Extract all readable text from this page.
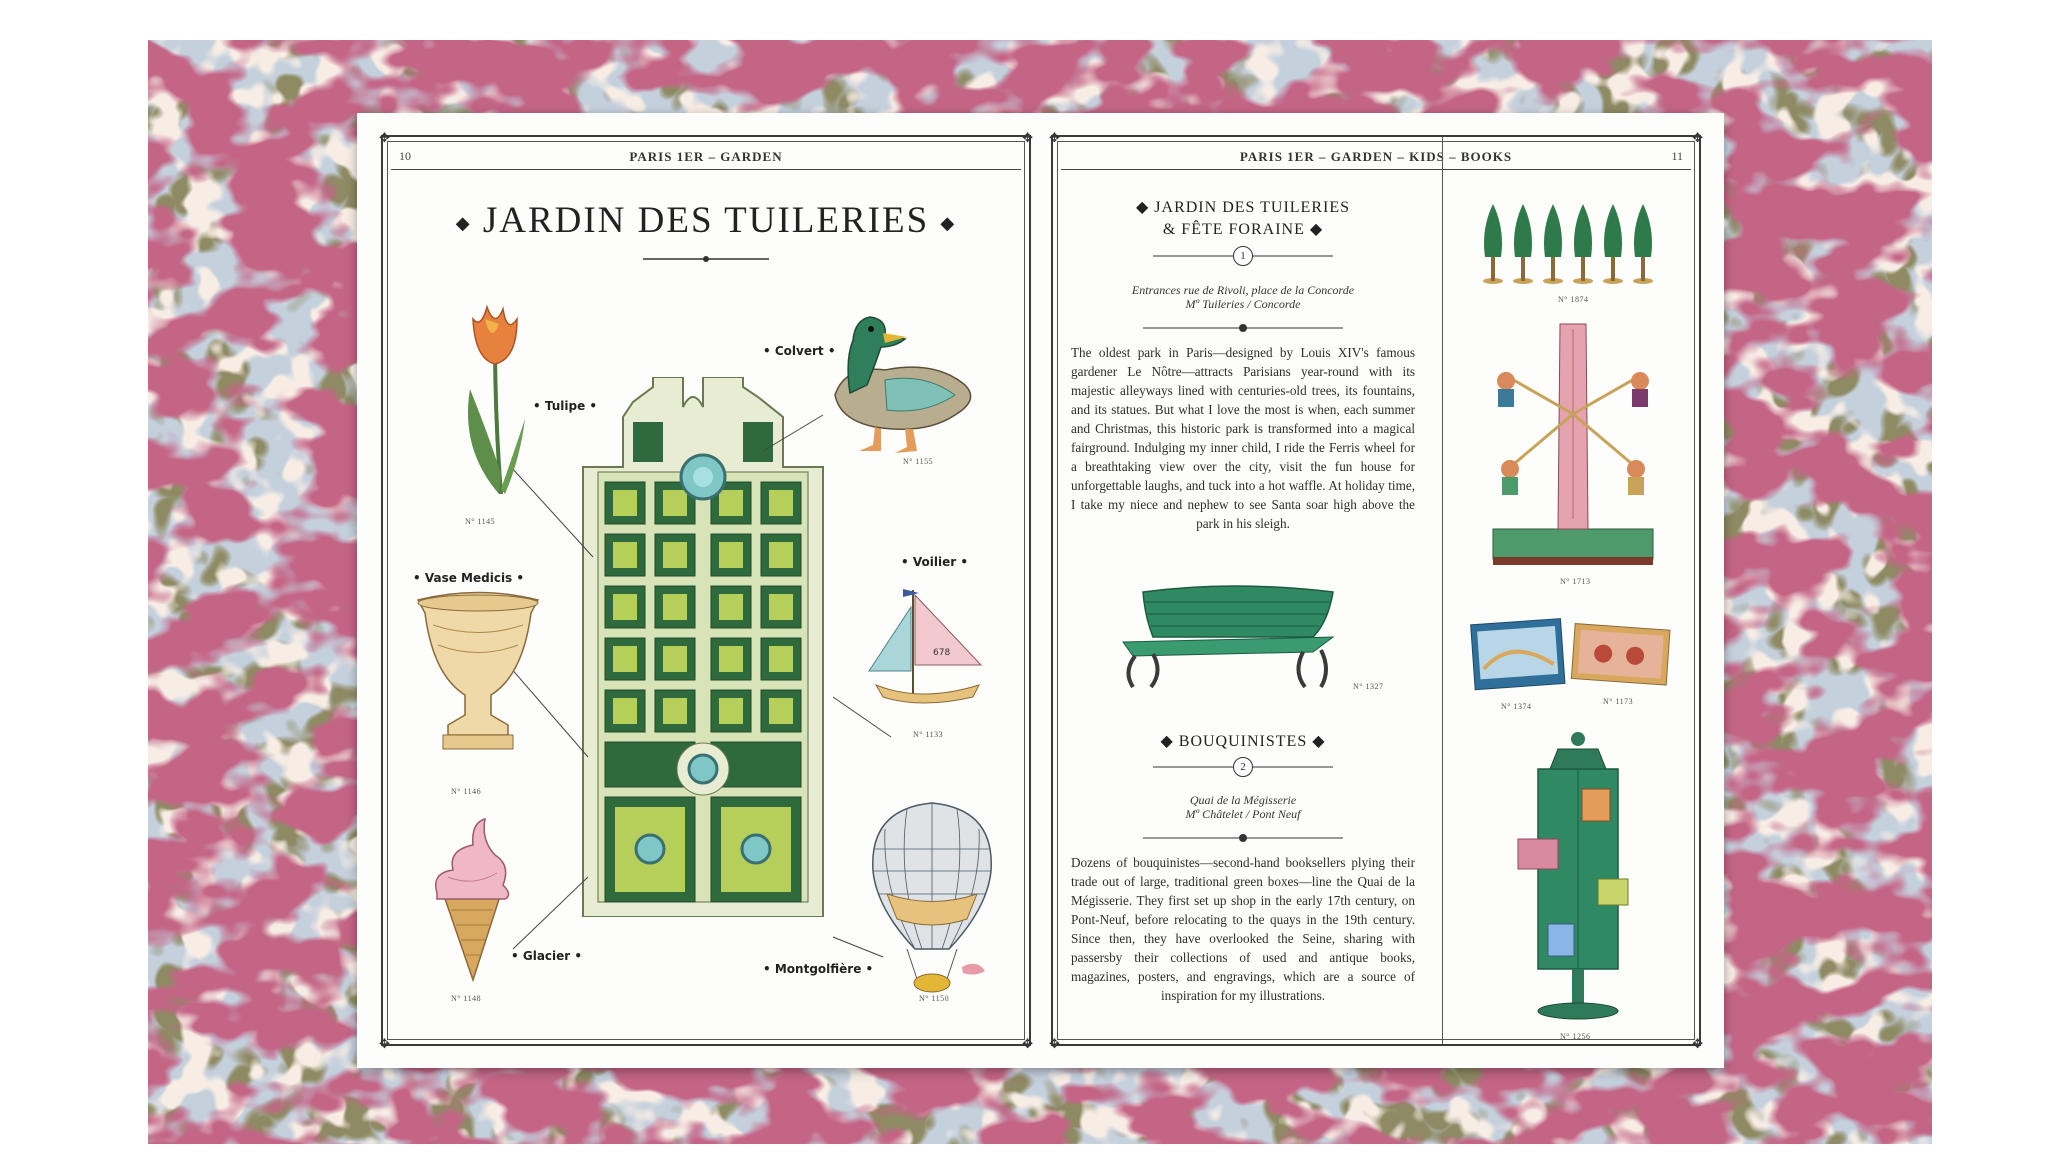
10	PARIS 1ER – GARDEN
◆ JARDIN DES TUILERIES ◆
• Tulipe •
N° 1145
• Colvert •
N° 1155
• Vase Medicis •
N° 1146
678
• Voilier •
N° 1133
• Glacier •
N° 1148
• Montgolfière •
N° 1150
✥	✥
✥	✥
PARIS 1ER – GARDEN – KIDS – BOOKS	11
◆ JARDIN DES TUILERIES
& FÊTE FORAINE ◆
1
Entrances rue de Rivoli, place de la Concorde
Mº Tuileries / Concorde
The oldest park in Paris—designed by Louis XIV's famous gardener Le Nôtre—attracts Parisians year-round with its majestic alleyways lined with centuries-old trees, its fountains, and its statues. But what I love the most is when, each summer and Christmas, this historic park is transformed into a magical fairground. Indulging my inner child, I ride the Ferris wheel for a breathtaking view over the city, visit the fun house for unforgettable laughs, and tuck into a hot waffle. At holiday time, I take my niece and nephew to see Santa soar high above the park in his sleigh.
N° 1327
◆ BOUQUINISTES ◆
2
Quai de la Mégisserie
Mº Châtelet / Pont Neuf
Dozens of bouquinistes—second-hand booksellers plying their trade out of large, traditional green boxes—line the Quai de la Mégisserie. They first set up shop in the early 17th century, on Pont-Neuf, before relocating to the quays in the 19th century. Since then, they have overlooked the Seine, sharing with passersby their collections of used and antique books, magazines, posters, and engravings, which are a source of inspiration for my illustrations.
N° 1874
N° 1713
N° 1374
N° 1173
N° 1256
✥	✥
✥	✥
